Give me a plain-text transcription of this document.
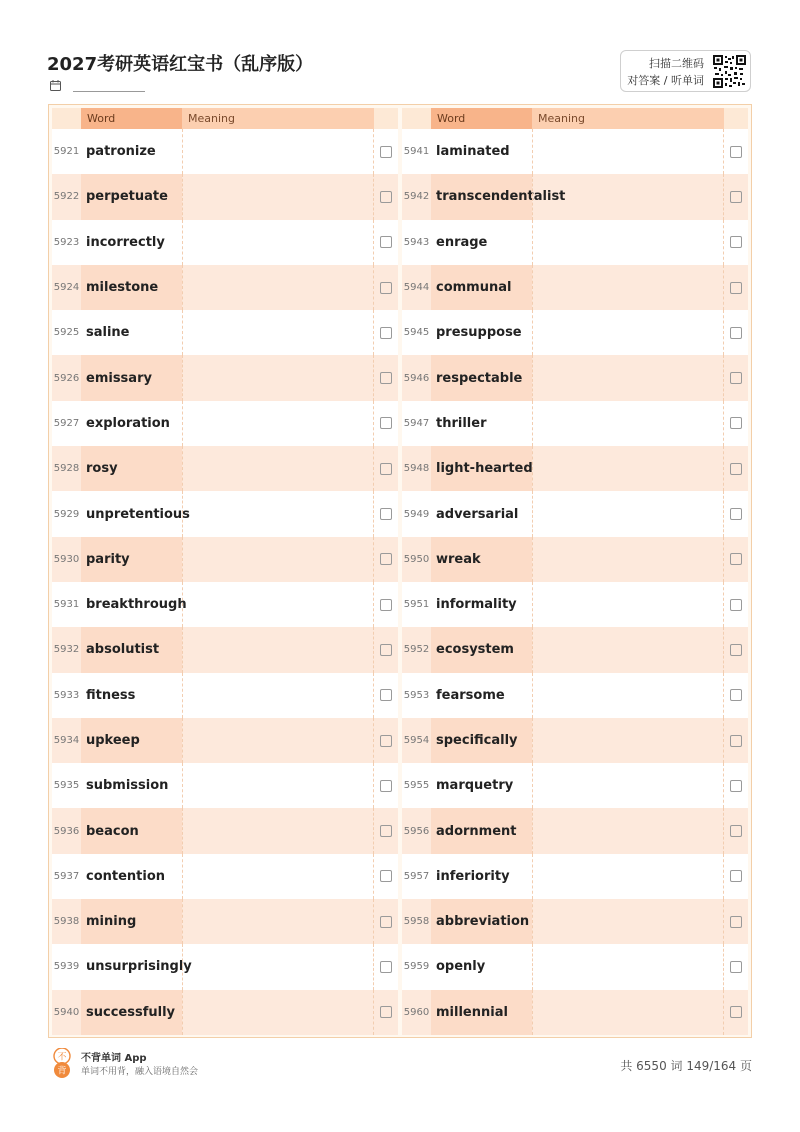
2027考研英语红宝书（乱序版）	扫描二维码
对答案 / 听单词
Word	Meaning
5921 patronize
5922 perpetuate
5923 incorrectly
5924 milestone
5925 saline
5926 emissary
5927 exploration
5928 rosy
5929 unpretentious
5930 parity
5931 breakthrough
5932 absolutist
5933 fitness
5934 upkeep
5935 submission
5936 beacon
5937 contention
5938 mining
5939 unsurprisingly
5940 successfully
Word	Meaning
5941 laminated
5942 transcendentalist
5943 enrage
5944 communal
5945 presuppose
5946 respectable
5947 thriller
5948 light-hearted
5949 adversarial
5950 wreak
5951 informality
5952 ecosystem
5953 fearsome
5954 specifically
5955 marquetry
5956 adornment
5957 inferiority
5958 abbreviation
5959 openly
5960 millennial
不
背
不背单词 App
单词不用背，融入语境自然会	共 6550 词 149/164 页
